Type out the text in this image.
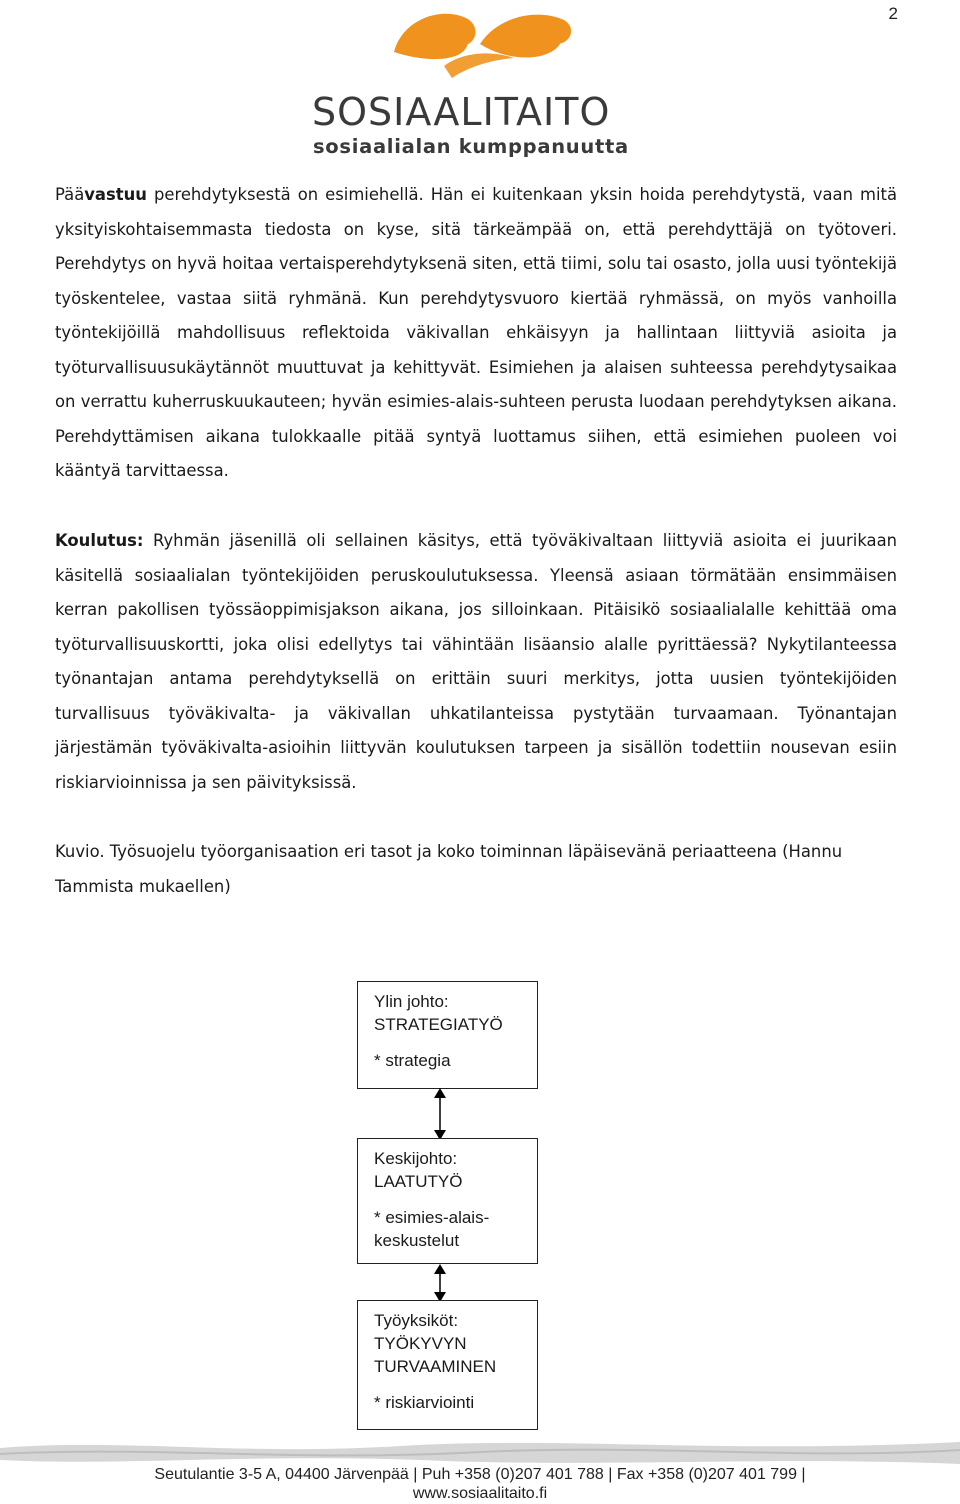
2
SOSIAALITAITO
sosiaalialan kumppanuutta
Päävastuu perehdytyksestä on esimiehellä. Hän ei kuitenkaan yksin hoida perehdytystä, vaan mitä yksityiskohtaisemmasta tiedosta on kyse, sitä tärkeämpää on, että perehdyttäjä on työtoveri. Perehdytys on hyvä hoitaa vertaisperehdytyksenä siten, että tiimi, solu tai osasto, jolla uusi työntekijä työskentelee, vastaa siitä ryhmänä. Kun perehdytysvuoro kiertää ryhmässä, on myös vanhoilla työntekijöillä mahdollisuus reflektoida väkivallan ehkäisyyn ja hallintaan liittyviä asioita ja työturvallisuusukäytännöt muuttuvat ja kehittyvät. Esimiehen ja alaisen suhteessa perehdytysaikaa on verrattu kuherruskuukauteen; hyvän esimies-alais-suhteen perusta luodaan perehdytyksen aikana. Perehdyttämisen aikana tulokkaalle pitää syntyä luottamus siihen, että esimiehen puoleen voi kääntyä tarvittaessa.
Koulutus: Ryhmän jäsenillä oli sellainen käsitys, että työväkivaltaan liittyviä asioita ei juurikaan käsitellä sosiaalialan työntekijöiden peruskoulutuksessa. Yleensä asiaan törmätään ensimmäisen kerran pakollisen työssäoppimisjakson aikana, jos silloinkaan. Pitäisikö sosiaalialalle kehittää oma työturvallisuuskortti, joka olisi edellytys tai vähintään lisäansio alalle pyrittäessä? Nykytilanteessa työnantajan antama perehdytyksellä on erittäin suuri merkitys, jotta uusien työntekijöiden turvallisuus työväkivalta- ja väkivallan uhkatilanteissa pystytään turvaamaan. Työnantajan järjestämän työväkivalta-asioihin liittyvän koulutuksen tarpeen ja sisällön todettiin nousevan esiin riskiarvioinnissa ja sen päivityksissä.
Kuvio. Työsuojelu työorganisaation eri tasot ja koko toiminnan läpäisevänä periaatteena (Hannu Tammista mukaellen)
Ylin johto:
STRATEGIATYÖ
* strategia
Keskijohto:
LAATUTYÖ
* esimies-alais-keskustelut
Työyksiköt:
TYÖKYVYN
TURVAAMINEN
* riskiarviointi
Seutulantie 3-5 A, 04400 Järvenpää | Puh +358 (0)207 401 788 | Fax +358 (0)207 401 799 |
www.sosiaalitaito.fi
